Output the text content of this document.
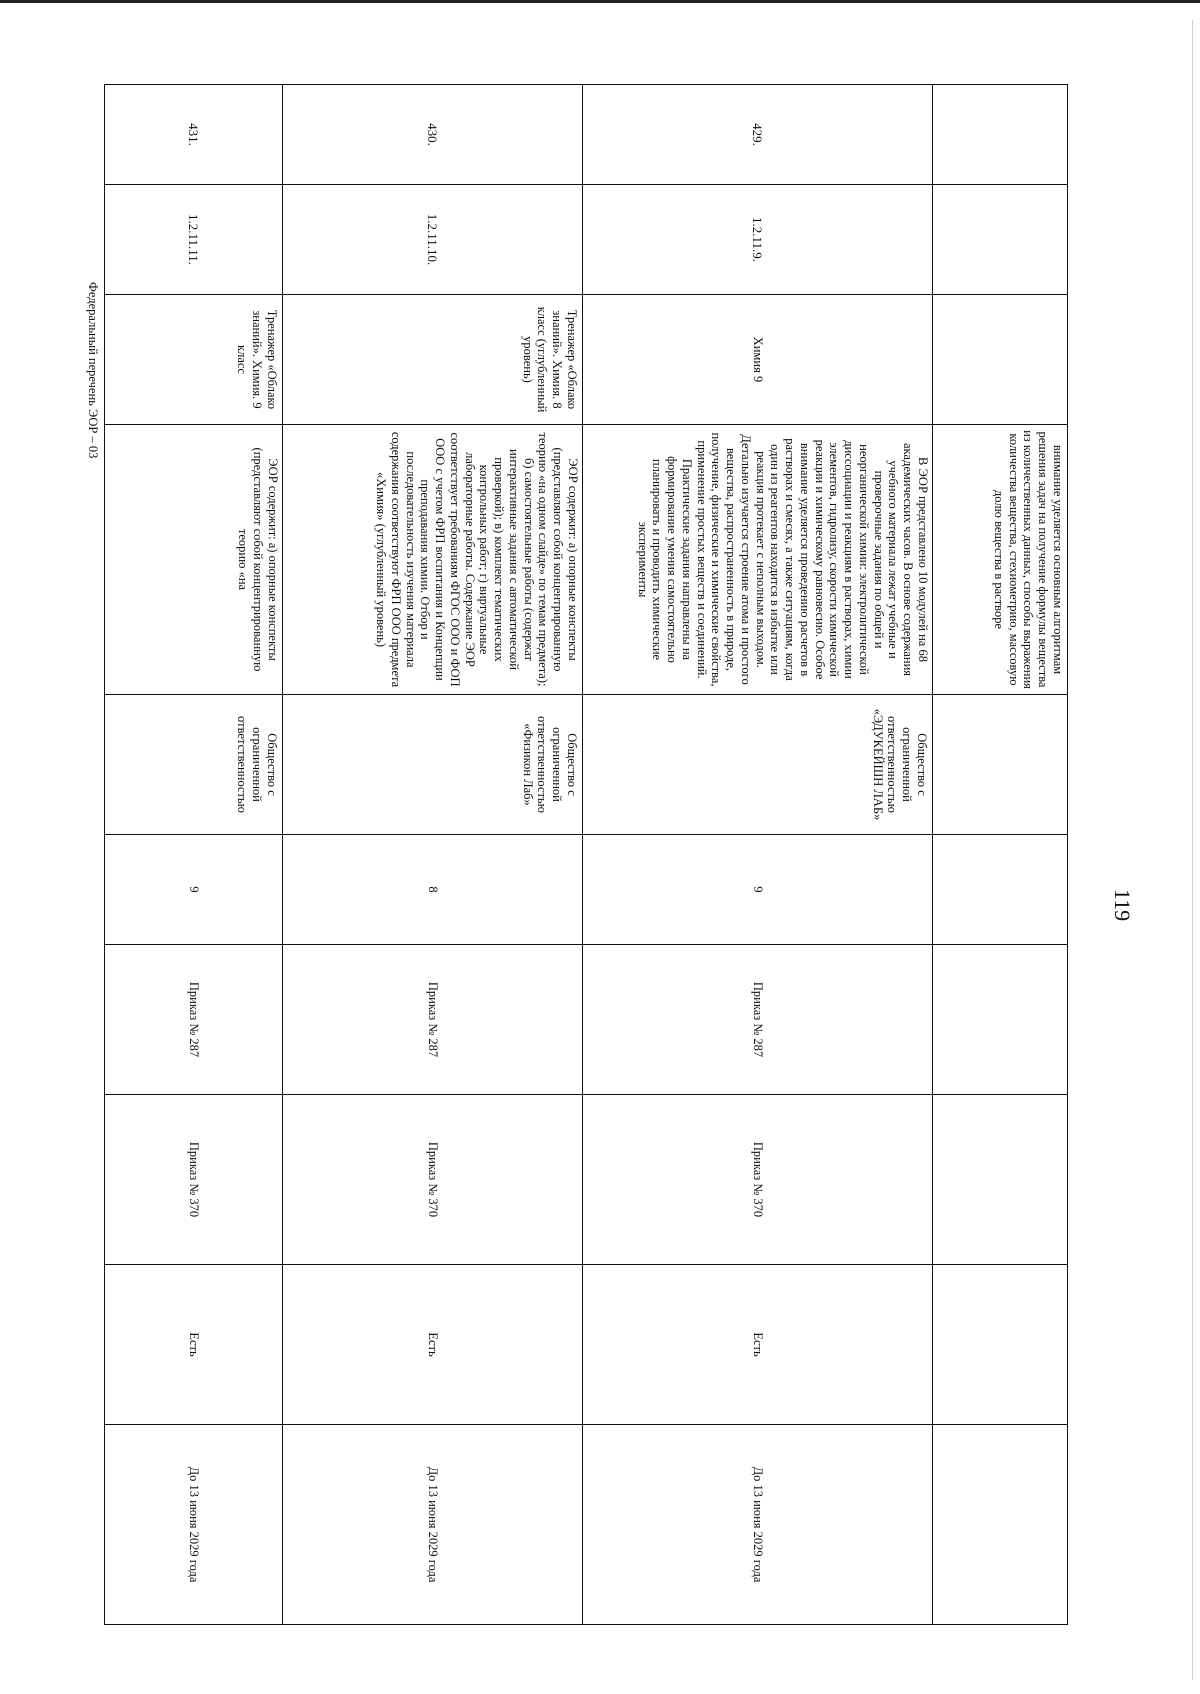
119
Федеральный перечень ЭОР – 03
			внимание уделяется основным алгоритмам решения задач на получение формулы вещества из количественных данных, способы выражения количества вещества, стехиометрию, массовую долю вещества в растворе						
429.	1.2.11.9.	Химия 9	В ЭОР представлено 10 модулей на 68 академических часов. В основе содержания учебного материала лежат учебные и проверочные задания по общей и неорганической химии: электролитической диссоциации и реакциям в растворах, химии элементов, гидролизу, скорости химической реакции и химическому равновесию. Особое внимание уделяется проведению расчетов в растворах и смесях, а также ситуациям, когда один из реагентов находится в избытке или реакция протекает с неполным выходом. Детально изучается строение атома и простого вещества, распространенность в природе, получение, физические и химические свойства, применение простых веществ и соединений. Практические задания направлены на формирование умения самостоятельно планировать и проводить химические эксперименты	Общество с ограниченной ответственностью «ЭДУКЕЙШН ЛАБ»	9	Приказ № 287	Приказ № 370	Есть	До 13 июня 2029 года
430.	1.2.11.10.	Тренажер «Облако знаний». Химия. 8 класс (углубленный уровень)	ЭОР содержит: а) опорные конспекты (представляют собой концентрированную теорию «на одном слайде» по темам предмета); б) самостоятельные работы (содержат интерактивные задания с автоматической проверкой); в) комплект тематических контрольных работ; г) виртуальные лабораторные работы. Содержание ЭОР соответствует требованиям ФГОС ООО и ФОП ООО с учетом ФРП воспитания и Концепции преподавания химии. Отбор и последовательность изучения материала содержания соответствуют ФРП ООО предмета «Химия» (углубленный уровень)	Общество с ограниченной ответственностью «Физикон Лаб»	8	Приказ № 287	Приказ № 370	Есть	До 13 июня 2029 года
431.	1.2.11.11.	Тренажер «Облако знаний». Химия. 9 класс	ЭОР содержит: а) опорные конспекты (представляют собой концентрированную теорию «на	Общество с ограниченной ответственностью	9	Приказ № 287	Приказ № 370	Есть	До 13 июня 2029 года
